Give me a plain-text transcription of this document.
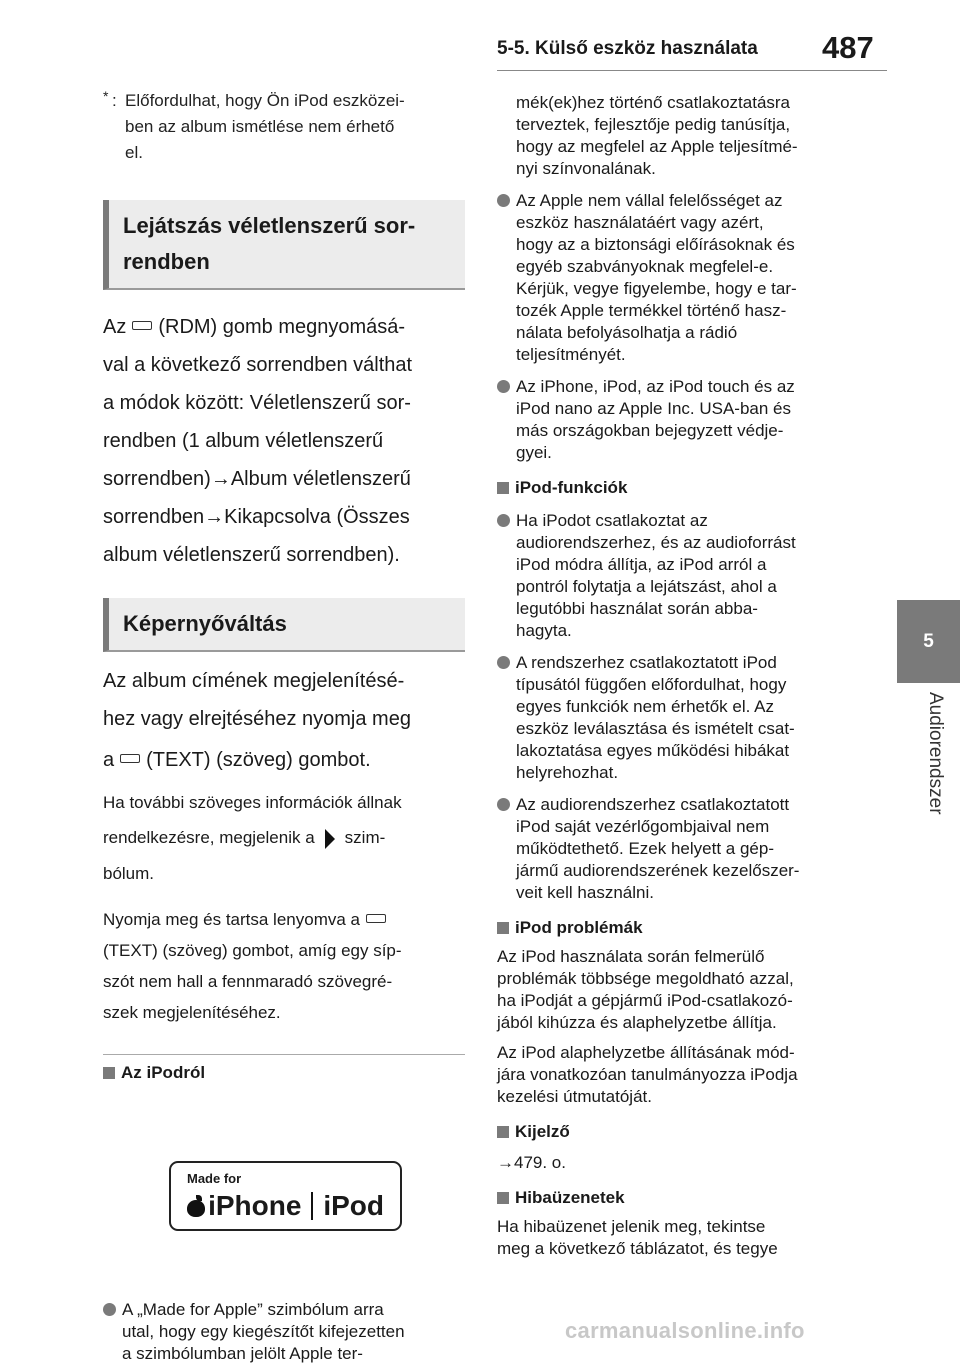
5-5. Külső eszköz használata 487
5
Audiorendszer
* : Előfordulhat, hogy Ön iPod eszközei-
ben az album ismétlése nem érhető
el.
Lejátszás véletlenszerű sor-
rendben
Az (RDM) gomb megnyomásá-
val a következő sorrendben válthat
a módok között: Véletlenszerű sor-
rendben (1 album véletlenszerű
sorrendben)→Album véletlenszerű
sorrendben→Kikapcsolva (Összes
album véletlenszerű sorrendben).
Képernyőváltás
Az album címének megjelenítésé-
hez vagy elrejtéséhez nyomja meg
a (TEXT) (szöveg) gombot.
Ha további szöveges információk állnak
rendelkezésre, megjelenik a szim-
bólum.
Nyomja meg és tartsa lenyomva a
(TEXT) (szöveg) gombot, amíg egy síp-
szót nem hall a fennmaradó szövegré-
szek megjelenítéséhez.
Az iPodról
Made for
iPhone iPod
A „Made for Apple” szimbólum arra
utal, hogy egy kiegészítőt kifejezetten
a szimbólumban jelölt Apple ter-
mék(ek)hez történő csatlakoztatásra
terveztek, fejlesztője pedig tanúsítja,
hogy az megfelel az Apple teljesítmé-
nyi színvonalának.
Az Apple nem vállal felelősséget az
eszköz használatáért vagy azért,
hogy az a biztonsági előírásoknak és
egyéb szabványoknak megfelel-e.
Kérjük, vegye figyelembe, hogy e tar-
tozék Apple termékkel történő hasz-
nálata befolyásolhatja a rádió
teljesítményét.
Az iPhone, iPod, az iPod touch és az
iPod nano az Apple Inc. USA-ban és
más országokban bejegyzett védje-
gyei.
iPod-funkciók
Ha iPodot csatlakoztat az
audiorendszerhez, és az audioforrást
iPod módra állítja, az iPod arról a
pontról folytatja a lejátszást, ahol a
legutóbbi használat során abba-
hagyta.
A rendszerhez csatlakoztatott iPod
típusától függően előfordulhat, hogy
egyes funkciók nem érhetők el. Az
eszköz leválasztása és ismételt csat-
lakoztatása egyes működési hibákat
helyrehozhat.
Az audiorendszerhez csatlakoztatott
iPod saját vezérlőgombjaival nem
működtethető. Ezek helyett a gép-
jármű audiorendszerének kezelőszer-
veit kell használni.
iPod problémák
Az iPod használata során felmerülő
problémák többsége megoldható azzal,
ha iPodját a gépjármű iPod-csatlakozó-
jából kihúzza és alaphelyzetbe állítja.
Az iPod alaphelyzetbe állításának mód-
jára vonatkozóan tanulmányozza iPodja
kezelési útmutatóját.
Kijelző
→479. o.
Hibaüzenetek
Ha hibaüzenet jelenik meg, tekintse
meg a következő táblázatot, és tegye
carmanualsonline.info
